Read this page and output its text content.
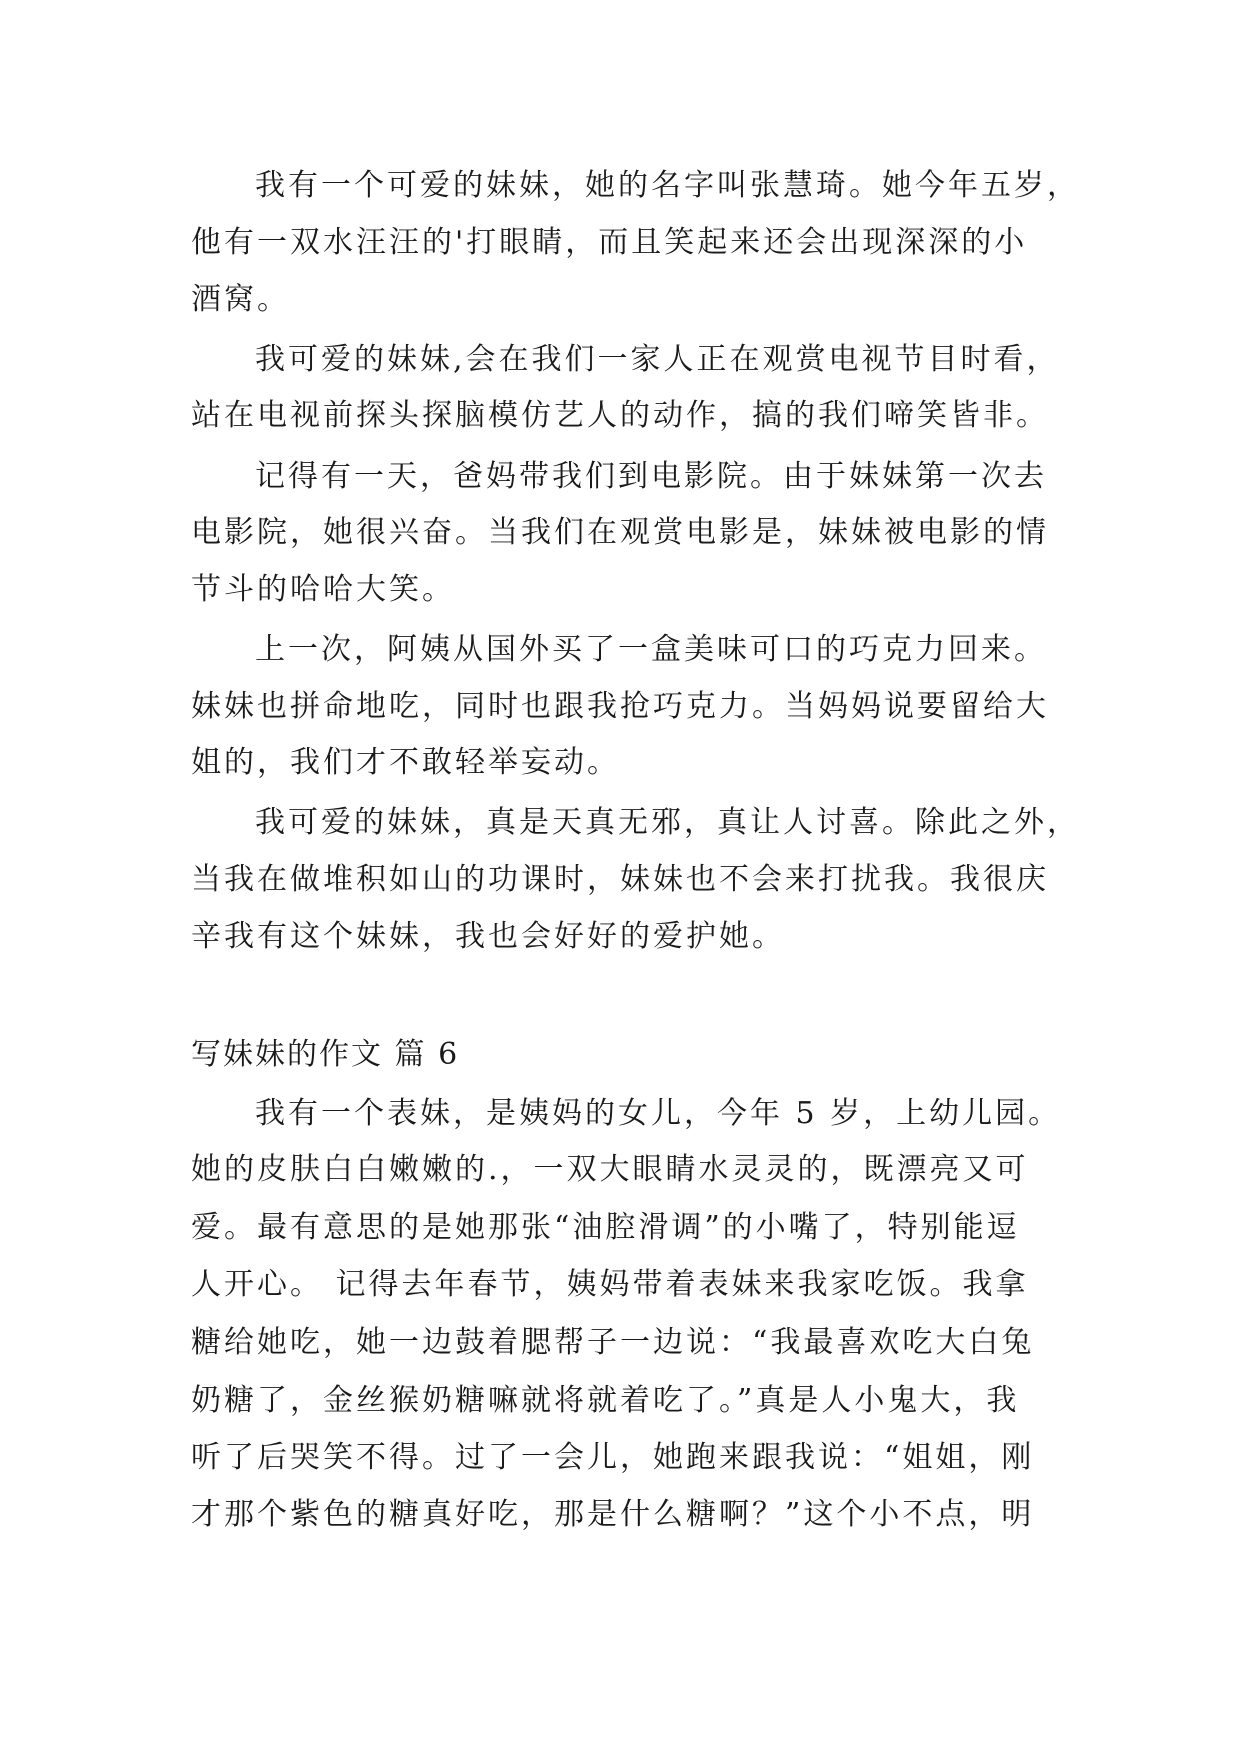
我有一个可爱的妹妹，她的名字叫张慧琦。她今年五岁，
他有一双水汪汪的'打眼睛，而且笑起来还会出现深深的小
酒窝。
我可爱的妹妹,会在我们一家人正在观赏电视节目时看，
站在电视前探头探脑模仿艺人的动作，搞的我们啼笑皆非。
记得有一天，爸妈带我们到电影院。由于妹妹第一次去
电影院，她很兴奋。当我们在观赏电影是，妹妹被电影的情
节斗的哈哈大笑。
上一次，阿姨从国外买了一盒美味可口的巧克力回来。
妹妹也拼命地吃，同时也跟我抢巧克力。当妈妈说要留给大
姐的，我们才不敢轻举妄动。
我可爱的妹妹，真是天真无邪，真让人讨喜。除此之外，
当我在做堆积如山的功课时，妹妹也不会来打扰我。我很庆
辛我有这个妹妹，我也会好好的爱护她。
写妹妹的作文 篇 6
我有一个表妹，是姨妈的女儿，今年 5 岁，上幼儿园。
她的皮肤白白嫩嫩的.，一双大眼睛水灵灵的，既漂亮又可
爱。最有意思的是她那张“油腔滑调”的小嘴了，特别能逗
人开心。 记得去年春节，姨妈带着表妹来我家吃饭。我拿
糖给她吃，她一边鼓着腮帮子一边说：“我最喜欢吃大白兔
奶糖了，金丝猴奶糖嘛就将就着吃了。”真是人小鬼大，我
听了后哭笑不得。过了一会儿，她跑来跟我说：“姐姐，刚
才那个紫色的糖真好吃，那是什么糖啊？”这个小不点，明
